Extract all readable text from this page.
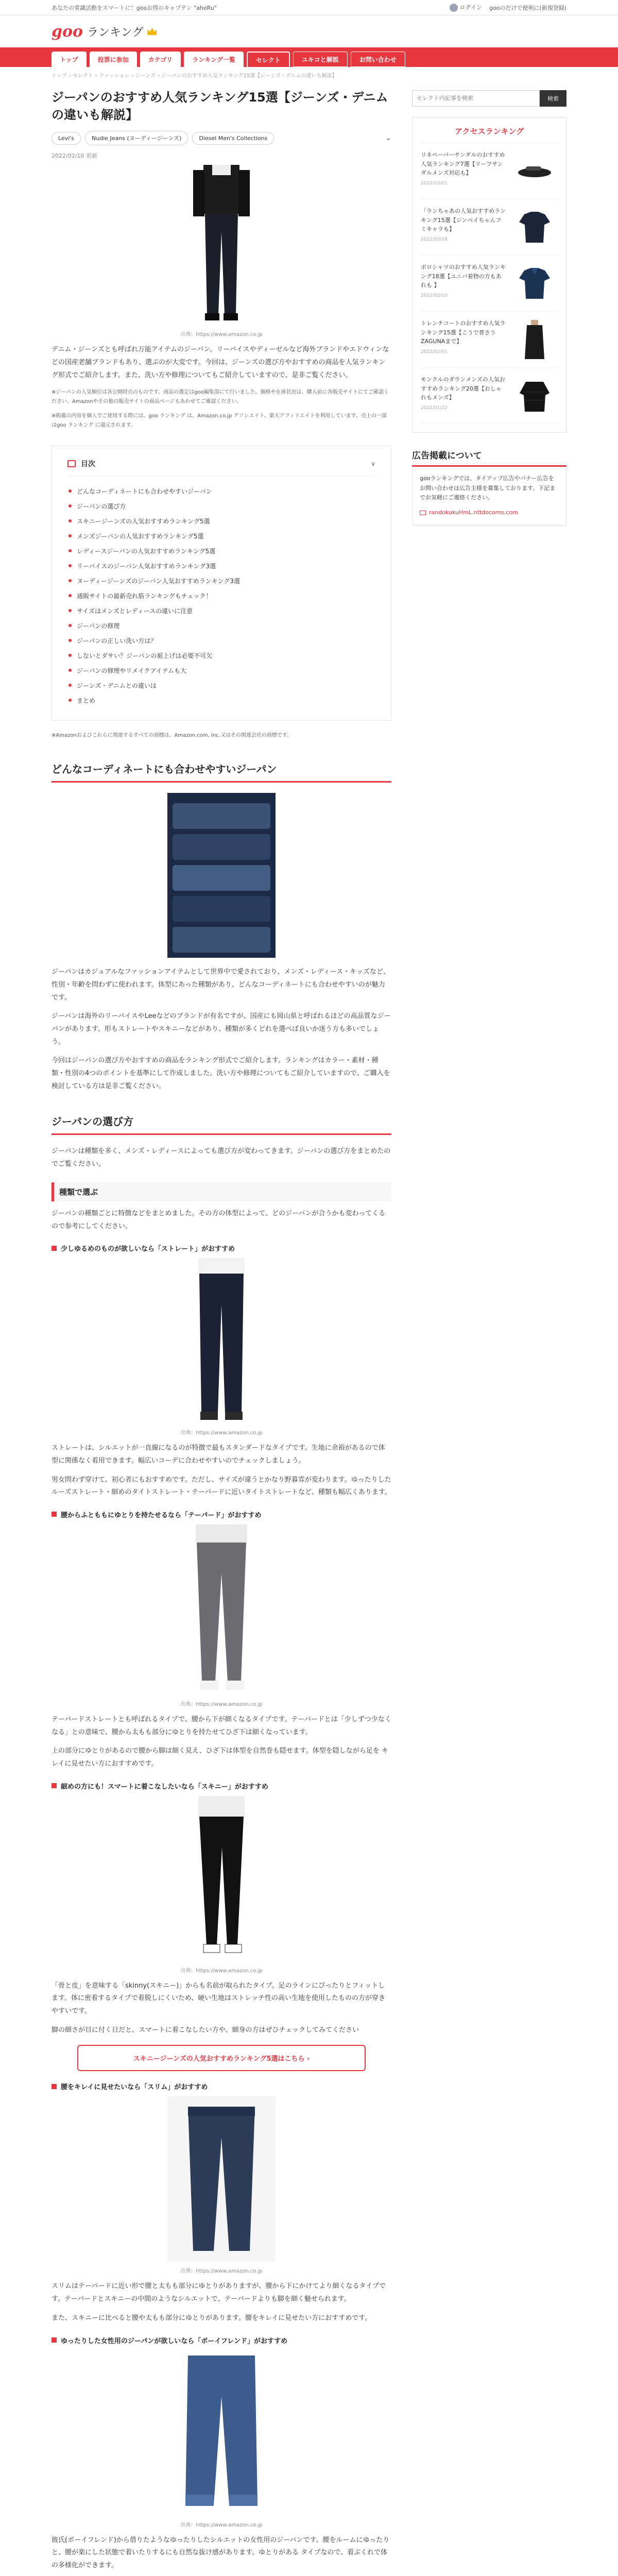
あなたの常識活動をスマートに！gooお得のキャプテン "ahoRu"	ログイン gooのだけで使利に(新規登録)
goo ランキング
トップ	投票に参加	カテゴリ	ランキング一覧	セレクト	ユキコと解説	お問い合わせ
トップ › セレクト › ファッション › ジーンズ › ジーパンのおすすめ人気ランキング15選【ジーンズ・デニムの違いも解説】
ジーパンのおすすめ人気ランキング15選【ジーンズ・デニムの違いも解説】
Levi's	Nudie Jeans (ヌーディージーンズ)	Diesel Men's Collections	⌄
2022/02/10 更新
出典：https://www.amazon.co.jp

デニム・ジーンズとも呼ばれ万能アイテムのジーパン。リーバイスやディーゼルなど海外ブランドやエドウィンなどの国産老舗ブランドもあり、選ぶのが大変です。今回は、ジーンズの選び方やおすすめの商品を人気ランキング形式でご紹介します。また、洗い方や修理についてもご紹介していますので、是非ご覧ください。

※ジーパンの人気順位は各公開時点のものです。商品の選定はgoo編集部にて行いました。価格や在庫状況は、購入前に各販売サイトにてご確認ください。Amazonやその他の販売サイトの商品ページもあわせてご確認ください。

※掲載の内容を個人でご使用する際には、goo ランキング は、Amazon.co.jp アソシエイト、楽天アフィリエイトを利用しています。売上の一部はgoo ランキング に還元されます。

目次	∨
どんなコーディネートにも合わせやすいジーパン
ジーパンの選び方
スキニージーンズの人気おすすめランキング5選
メンズジーパンの人気おすすめランキング5選
レディースジーパンの人気おすすめランキング5選
リーバイスのジーパン人気おすすめランキング3選
ヌーディージーンズのジーパン人気おすすめランキング3選
通販サイトの最新売れ筋ランキングもチェック！
サイズはメンズとレディースの違いに注意
ジーパンの修理
ジーパンの正しい洗い方は？
しないとダサい？ジーパンの裾上げは必要不可欠
ジーパンの修理やリメイクアイテムも大
ジーンズ・デニムとの違いは
まとめ

※Amazonおよびこれらに関連するすべての商標は、Amazon.com, Inc.又はその関連会社の商標です。

どんなコーディネートにも合わせやすいジーパン

ジーパンはカジュアルなファッションアイテムとして世界中で愛されており、メンズ・レディース・キッズなど、性別・年齢を問わずに使われます。体型にあった種類があり、どんなコーディネートにも合わせやすいのが魅力です。

ジーパンは海外のリーバイスやLeeなどのブランドが有名ですが、国産にも岡山県と呼ばれるほどの高品質なジーパンがあります。形もストレートやスキニーなどがあり、種類が多くどれを選べば良いか迷う方も多いでしょう。

今回はジーパンの選び方やおすすめの商品をランキング形式でご紹介します。ランキングはカラー・素材・種類・性別の4つのポイントを基準にして作成しました。洗い方や修理についてもご紹介していますので、ご購入を検討している方は是非ご覧ください。

ジーパンの選び方

ジーパンは種類を多く、メンズ・レディースによっても選び方が変わってきます。ジーパンの選び方をまとめたのでご覧ください。

種類で選ぶ

ジーパンの種類ごとに特徴などをまとめました。その方の体型によって、どのジーパンが合うかも変わってくるので参考にしてください。

少しゆるめのものが欲しいなら「ストレート」がおすすめ
出典：https://www.amazon.co.jp

ストレートは、シルエットが一直線になるのが特徴で最もスタンダードなタイプです。生地に余裕があるので体型に関係なく着用できます。幅広いコーデに合わせやすいのでチェックしましょう。

男女問わず穿けて、初心者にもおすすめです。ただし、サイズが違うとかなり野暮雰が変わります。ゆったりしたルーズストレート・細めのタイトストレート・テーパードに近いタイトストレートなど、種類も幅広くあります。

腰からふとももにゆとりを持たせるなら「テーパード」がおすすめ
出典：https://www.amazon.co.jp

テーパードストレートとも呼ばれるタイプで、腰から下が細くなるタイプです。テーパードとは「少しずつ少なくなる」との意味で、腰から太もも部分にゆとりを持たせてひざ下は細くなっています。

上の部分にゆとりがあるので腰から脚は細く見え、ひざ下は体型を自然巻も隠せます。体型を隠しながら足を キレイに見せたい方におすすめです。

細めの方にも！スマートに着こなしたいなら「スキニー」がおすすめ
出典：https://www.amazon.co.jp

「骨と皮」を意味する「skinny(スキニー)」からも名前が取られたタイプ。足のラインにぴったりとフィットします。体に密着するタイプで着脱しにくいため、硬い生地はストレッチ性の高い生地を使用したものの方が穿きやすいです。

脚の細さが目に付く日だと、スマートに着こなしたい方や、細身の方はぜひチェックしてみてください

スキニージーンズの人気おすすめランキング5選はこちら ›
腰をキレイに見せたいなら「スリム」がおすすめ
出典：https://www.amazon.co.jp

スリムはテーパードに近い形で腰と太もも部分にゆとりがありますが、腰から下にかけてより細くなるタイプです。テーパードとスキニーの中間のようなシルエットで、テーパードよりも脚を細く魅せられます。

また、スキニーに比べると腰や太もも部分にゆとりがあります。腰をキレイに見せたい方におすすめです。

ゆったりした女性用のジーパンが欲しいなら「ボーイフレンド」がおすすめ
出典：https://www.amazon.co.jp

彼氏(ボーイフレンド)から借りたようなゆったりしたシルエットの女性用のジーパンです。腰をルームにゆったりと、腰が楽にした状態で着いたりするにも自然な抜け感があります。ゆとりがある タイプなので、着ぶくれで体の多様化ができます。

セレクト内記事を検索
検索
アクセスランキング
リネペーパーサンダルのおすすめ人気ランキング7選【リーフサンダルメンズ対応も】
2022/03/01
「ランちゃあの人気おすすめランキング15選【ジンベイちゃんフミキャラも】
2022/02/28
ポロシャツのおすすめ人気ランキング18選【ユニバ着物の方もあれも 】
2022/02/10
トレンチコートのおすすめ人気ランキング15選【こうで普さう ZAGUNAまで】
2022/02/01
モンクルのダウンメンズの人気おすすめランキング20選【おしゃれもメンズ】
2022/01/22
広告掲載について
gooランキングでは、タイアップ広告やバナー広告をお問い合わせは広告主様を募集しております。下記までお気軽にご連絡ください。
randokukuHmL.nttdocomo.com
